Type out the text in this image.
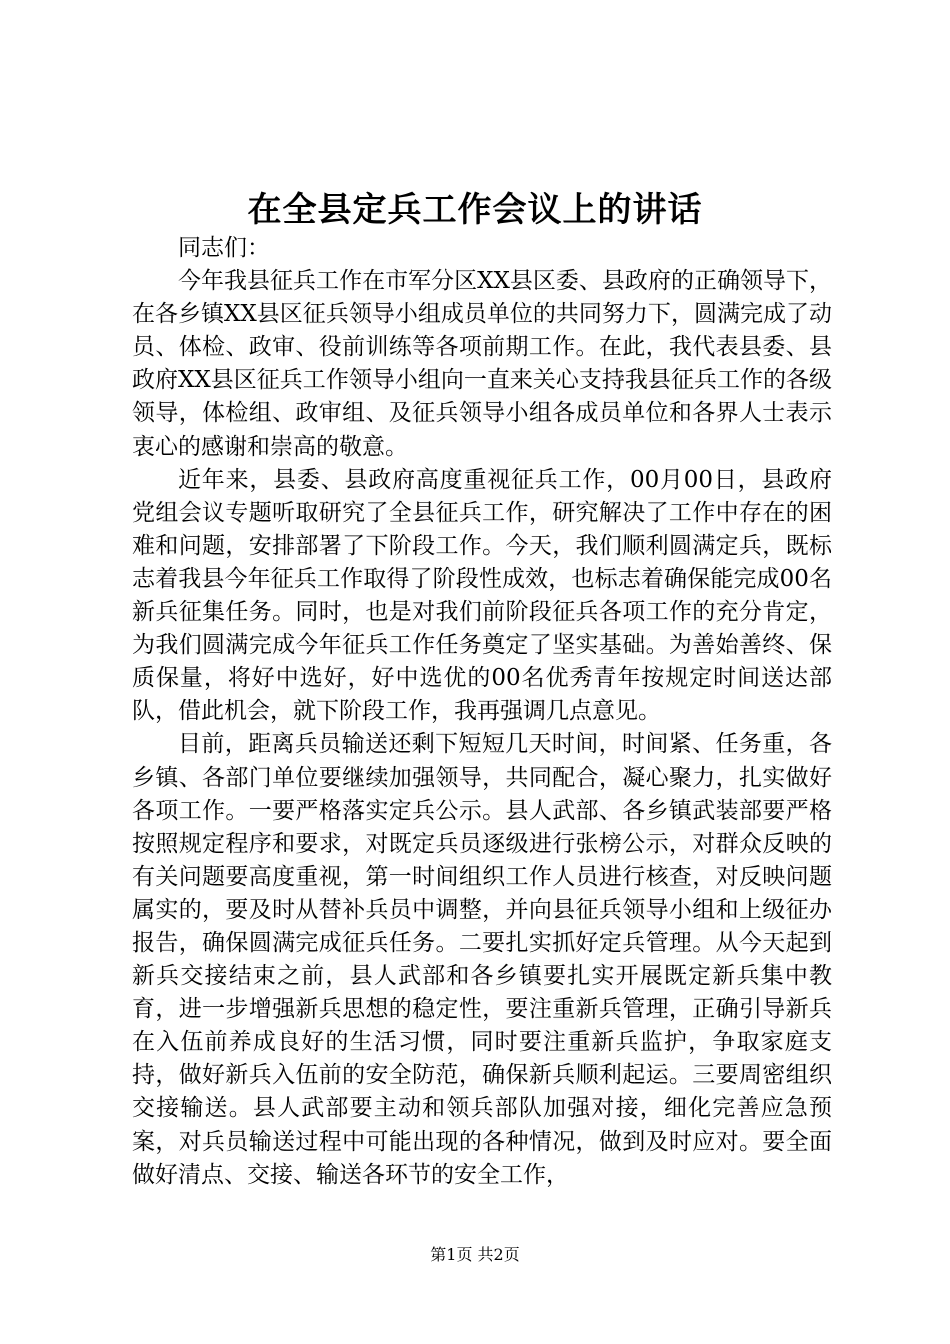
在全县定兵工作会议上的讲话

同志们：

今年我县征兵工作在市军分区XX县区委、县政府的正确领导下，在各乡镇XX县区征兵领导小组成员单位的共同努力下，圆满完成了动员、体检、政审、役前训练等各项前期工作。在此，我代表县委、县政府XX县区征兵工作领导小组向一直来关心支持我县征兵工作的各级领导，体检组、政审组、及征兵领导小组各成员单位和各界人士表示衷心的感谢和崇高的敬意。

近年来，县委、县政府高度重视征兵工作，00月00日，县政府党组会议专题听取研究了全县征兵工作，研究解决了工作中存在的困难和问题，安排部署了下阶段工作。今天，我们顺利圆满定兵，既标志着我县今年征兵工作取得了阶段性成效，也标志着确保能完成00名新兵征集任务。同时，也是对我们前阶段征兵各项工作的充分肯定，为我们圆满完成今年征兵工作任务奠定了坚实基础。为善始善终、保质保量，将好中选好，好中选优的00名优秀青年按规定时间送达部队，借此机会，就下阶段工作，我再强调几点意见。

目前，距离兵员输送还剩下短短几天时间，时间紧、任务重，各乡镇、各部门单位要继续加强领导，共同配合，凝心聚力，扎实做好各项工作。一要严格落实定兵公示。县人武部、各乡镇武装部要严格按照规定程序和要求，对既定兵员逐级进行张榜公示，对群众反映的有关问题要高度重视，第一时间组织工作人员进行核查，对反映问题属实的，要及时从替补兵员中调整，并向县征兵领导小组和上级征办报告，确保圆满完成征兵任务。二要扎实抓好定兵管理。从今天起到新兵交接结束之前，县人武部和各乡镇要扎实开展既定新兵集中教育，进一步增强新兵思想的稳定性，要注重新兵管理，正确引导新兵在入伍前养成良好的生活习惯，同时要注重新兵监护，争取家庭支持，做好新兵入伍前的安全防范，确保新兵顺利起运。三要周密组织交接输送。县人武部要主动和领兵部队加强对接，细化完善应急预案，对兵员输送过程中可能出现的各种情况，做到及时应对。要全面做好清点、交接、输送各环节的安全工作，

第1页 共2页
